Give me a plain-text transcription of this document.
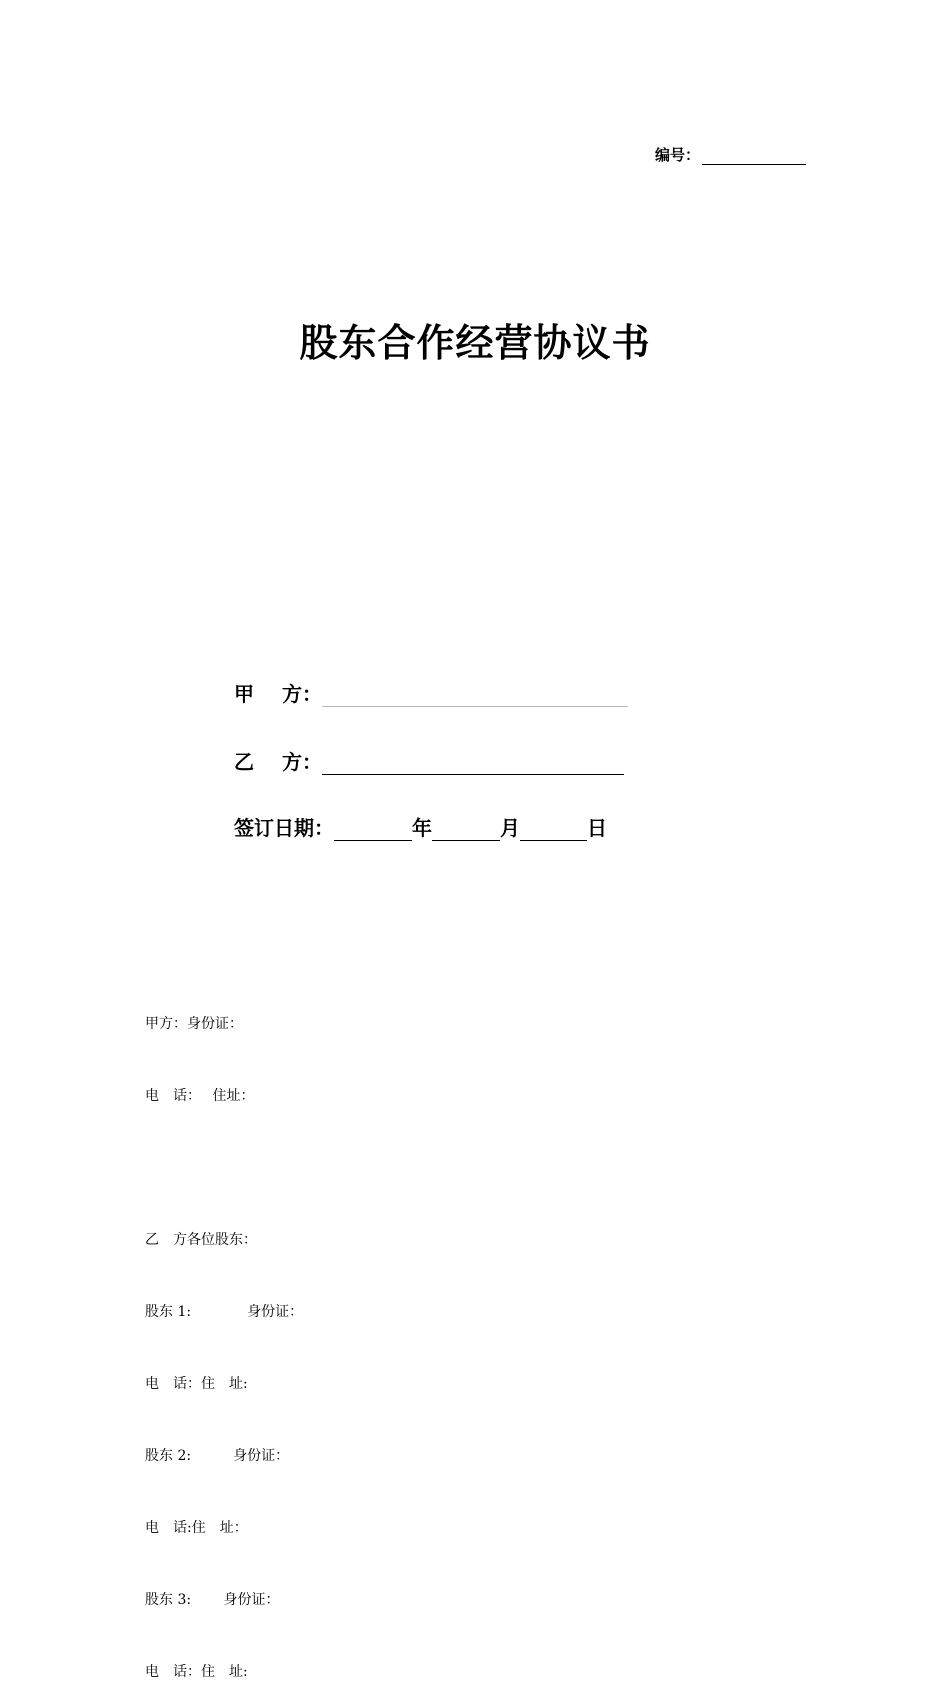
编号：
股东合作经营协议书
甲 方：
乙 方：
签订日期：	年	月	日

甲方：身份证：

电　话：　 住址：

乙　方各位股东：

股东 1:　　　　身份证：

电　话：住　址:

股东 2:　　　身份证：

电　话:住　址：

股东 3:　　 身份证：

电　话：住　址:
